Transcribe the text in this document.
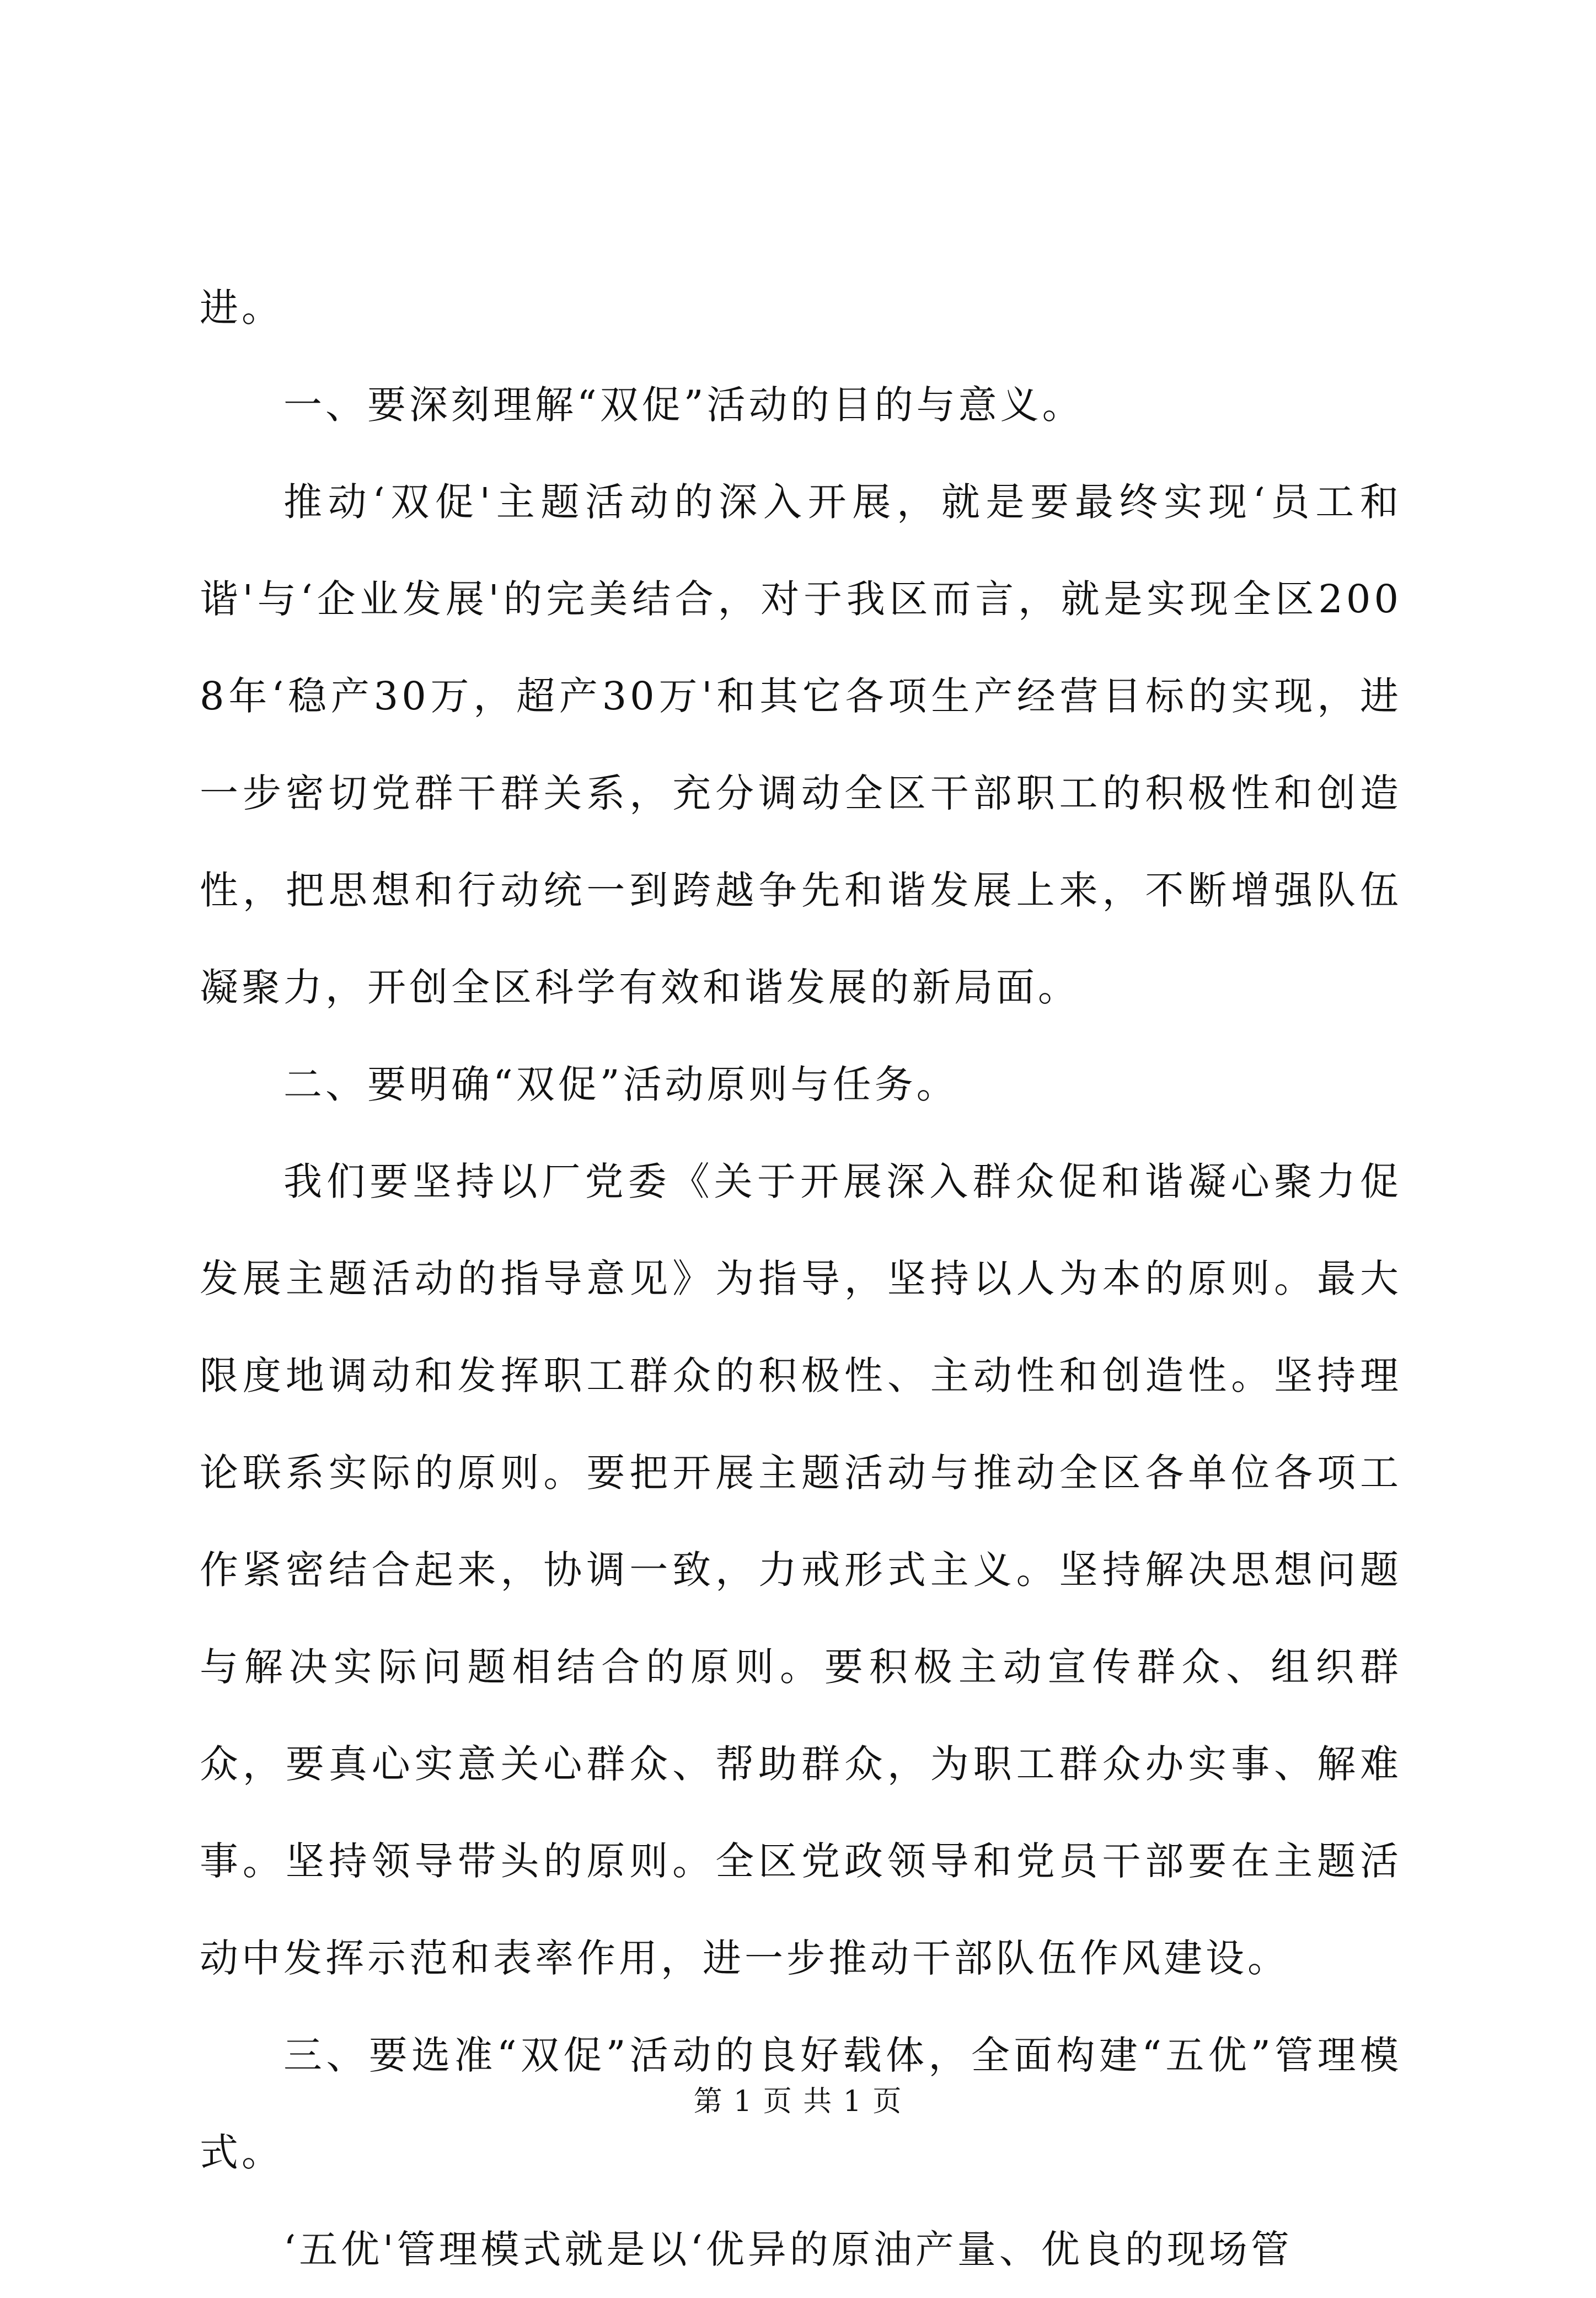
进。

一、要深刻理解“双促”活动的目的与意义。

推动‘双促'主题活动的深入开展，就是要最终实现‘员工和谐'与‘企业发展'的完美结合，对于我区而言，就是实现全区2008年‘稳产30万，超产30万'和其它各项生产经营目标的实现，进一步密切党群干群关系，充分调动全区干部职工的积极性和创造性，把思想和行动统一到跨越争先和谐发展上来，不断增强队伍凝聚力，开创全区科学有效和谐发展的新局面。

二、要明确“双促”活动原则与任务。

我们要坚持以厂党委《关于开展深入群众促和谐凝心聚力促发展主题活动的指导意见》为指导，坚持以人为本的原则。最大限度地调动和发挥职工群众的积极性、主动性和创造性。坚持理论联系实际的原则。要把开展主题活动与推动全区各单位各项工作紧密结合起来，协调一致，力戒形式主义。坚持解决思想问题与解决实际问题相结合的原则。要积极主动宣传群众、组织群众，要真心实意关心群众、帮助群众，为职工群众办实事、解难事。坚持领导带头的原则。全区党政领导和党员干部要在主题活动中发挥示范和表率作用，进一步推动干部队伍作风建设。

三、要选准“双促”活动的良好载体，全面构建“五优”管理模式。

‘五优'管理模式就是以‘优异的原油产量、优良的现场管

第 1 页 共 1 页
